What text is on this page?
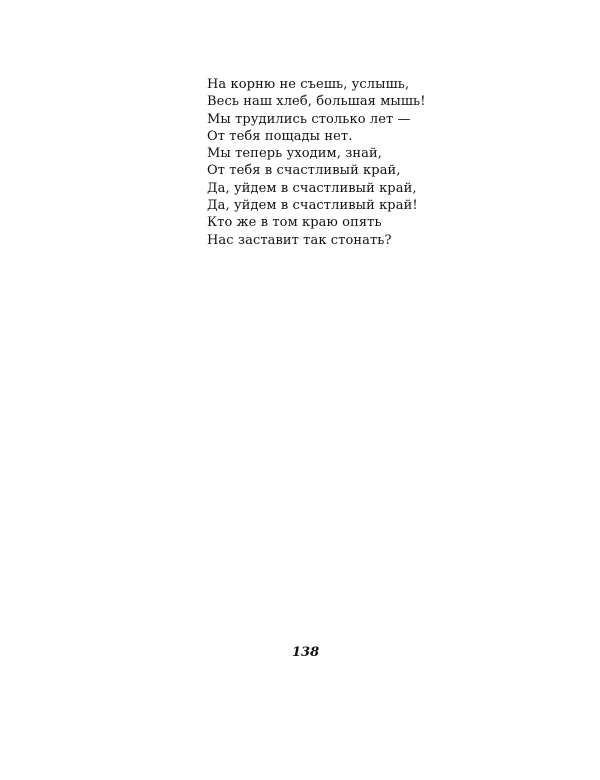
На корню не съешь, услышь,
Весь наш хлеб, большая мышь!
Мы трудились столько лет —
От тебя пощады нет.
Мы теперь уходим, знай,
От тебя в счастливый край,
Да, уйдем в счастливый край,
Да, уйдем в счастливый край!
Кто же в том краю опять
Нас заставит так стонать?
138
